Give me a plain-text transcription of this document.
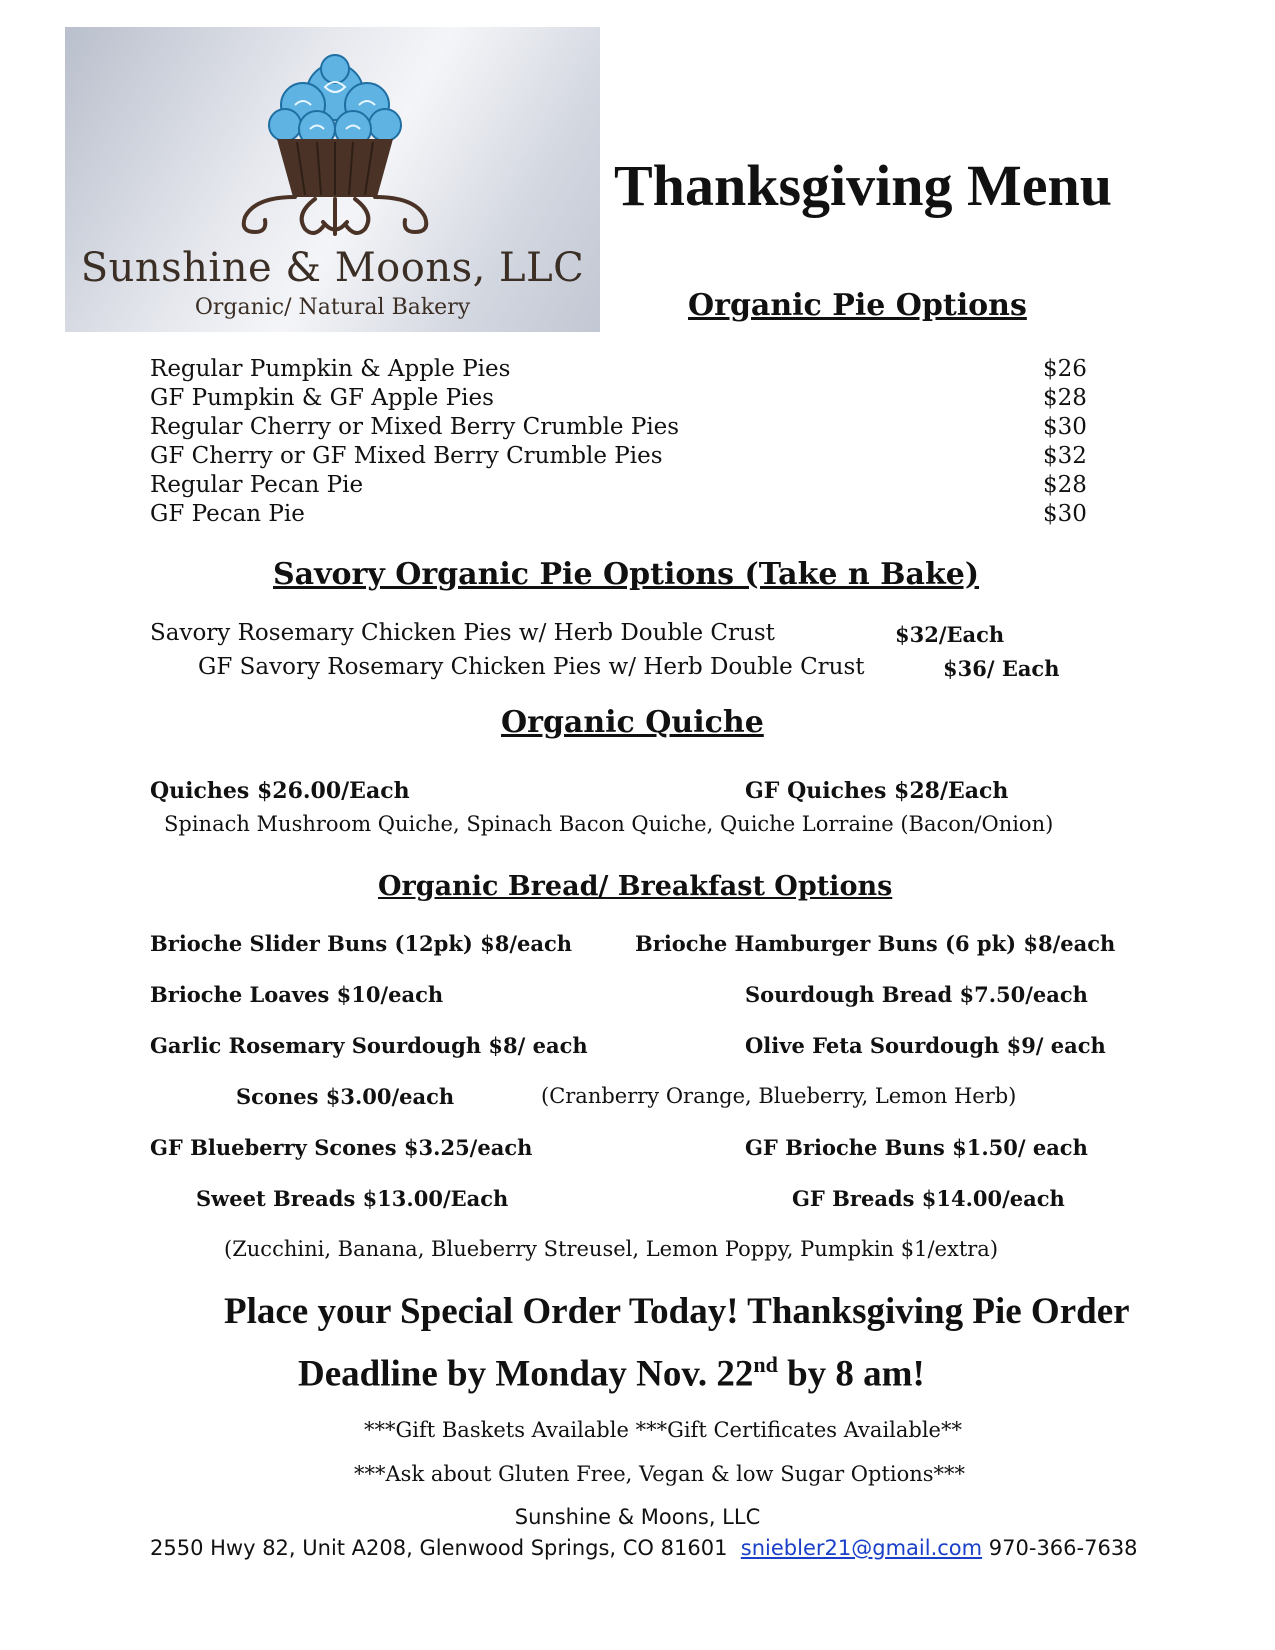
Sunshine & Moons, LLC
Organic/ Natural Bakery
Thanksgiving Menu
Organic Pie Options
Regular Pumpkin & Apple Pies	$26
GF Pumpkin & GF Apple Pies	$28
Regular Cherry or Mixed Berry Crumble Pies	$30
GF Cherry or GF Mixed Berry Crumble Pies	$32
Regular Pecan Pie	$28
GF Pecan Pie	$30
Savory Organic Pie Options (Take n Bake)
Savory Rosemary Chicken Pies w/ Herb Double Crust	$32/Each
GF Savory Rosemary Chicken Pies w/ Herb Double Crust	$36/ Each
Organic Quiche
Quiches $26.00/Each	GF Quiches $28/Each
Spinach Mushroom Quiche, Spinach Bacon Quiche, Quiche Lorraine (Bacon/Onion)
Organic Bread/ Breakfast Options
Brioche Slider Buns (12pk) $8/each	Brioche Hamburger Buns (6 pk) $8/each
Brioche Loaves $10/each	Sourdough Bread $7.50/each
Garlic Rosemary Sourdough $8/ each	Olive Feta Sourdough $9/ each
Scones $3.00/each	(Cranberry Orange, Blueberry, Lemon Herb)
GF Blueberry Scones $3.25/each	GF Brioche Buns $1.50/ each
Sweet Breads $13.00/Each	GF Breads $14.00/each
(Zucchini, Banana, Blueberry Streusel, Lemon Poppy, Pumpkin $1/extra)
Place your Special Order Today! Thanksgiving Pie Order
Deadline by Monday Nov. 22nd by 8 am!
***Gift Baskets Available ***Gift Certificates Available**
***Ask about Gluten Free, Vegan & low Sugar Options***
Sunshine & Moons, LLC
2550 Hwy 82, Unit A208, Glenwood Springs, CO 81601 sniebler21@gmail.com 970-366-7638
